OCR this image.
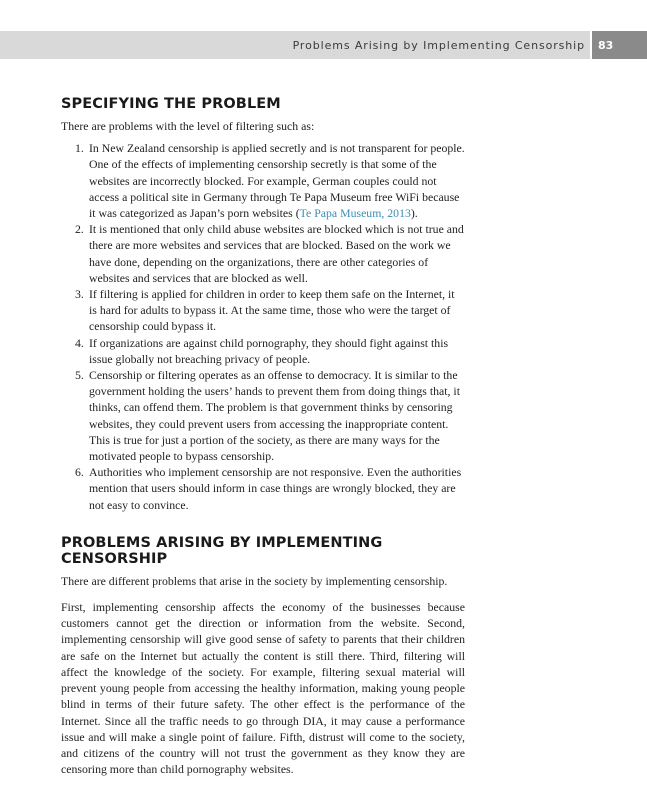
Problems Arising by Implementing Censorship 83
SPECIFYING THE PROBLEM

There are problems with the level of filtering such as:

1. In New Zealand censorship is applied secretly and is not transparent for people. One of the effects of implementing censorship secretly is that some of the websites are incorrectly blocked. For example, German couples could not access a political site in Germany through Te Papa Museum free WiFi because it was categorized as Japan’s porn websites (Te Papa Museum, 2013).
2. It is mentioned that only child abuse websites are blocked which is not true and there are more websites and services that are blocked. Based on the work we have done, depending on the organizations, there are other categories of websites and services that are blocked as well.
3. If filtering is applied for children in order to keep them safe on the Internet, it is hard for adults to bypass it. At the same time, those who were the target of censorship could bypass it.
4. If organizations are against child pornography, they should fight against this issue globally not breaching privacy of people.
5. Censorship or filtering operates as an offense to democracy. It is similar to the government holding the users’ hands to prevent them from doing things that, it thinks, can offend them. The problem is that government thinks by censoring websites, they could prevent users from accessing the inappropriate content. This is true for just a portion of the society, as there are many ways for the motivated people to bypass censorship.
6. Authorities who implement censorship are not responsive. Even the authorities mention that users should inform in case things are wrongly blocked, they are not easy to convince.
PROBLEMS ARISING BY IMPLEMENTING CENSORSHIP

There are different problems that arise in the society by implementing censorship.

First, implementing censorship affects the economy of the businesses because customers cannot get the direction or information from the website. Second, implementing censorship will give good sense of safety to parents that their children are safe on the Internet but actually the content is still there. Third, filtering will affect the knowledge of the society. For example, filtering sexual material will prevent young people from accessing the healthy information, making young people blind in terms of their future safety. The other effect is the performance of the Internet. Since all the traffic needs to go through DIA, it may cause a performance issue and will make a single point of failure. Fifth, distrust will come to the society, and citizens of the country will not trust the government as they know they are censoring more than child pornography websites.
